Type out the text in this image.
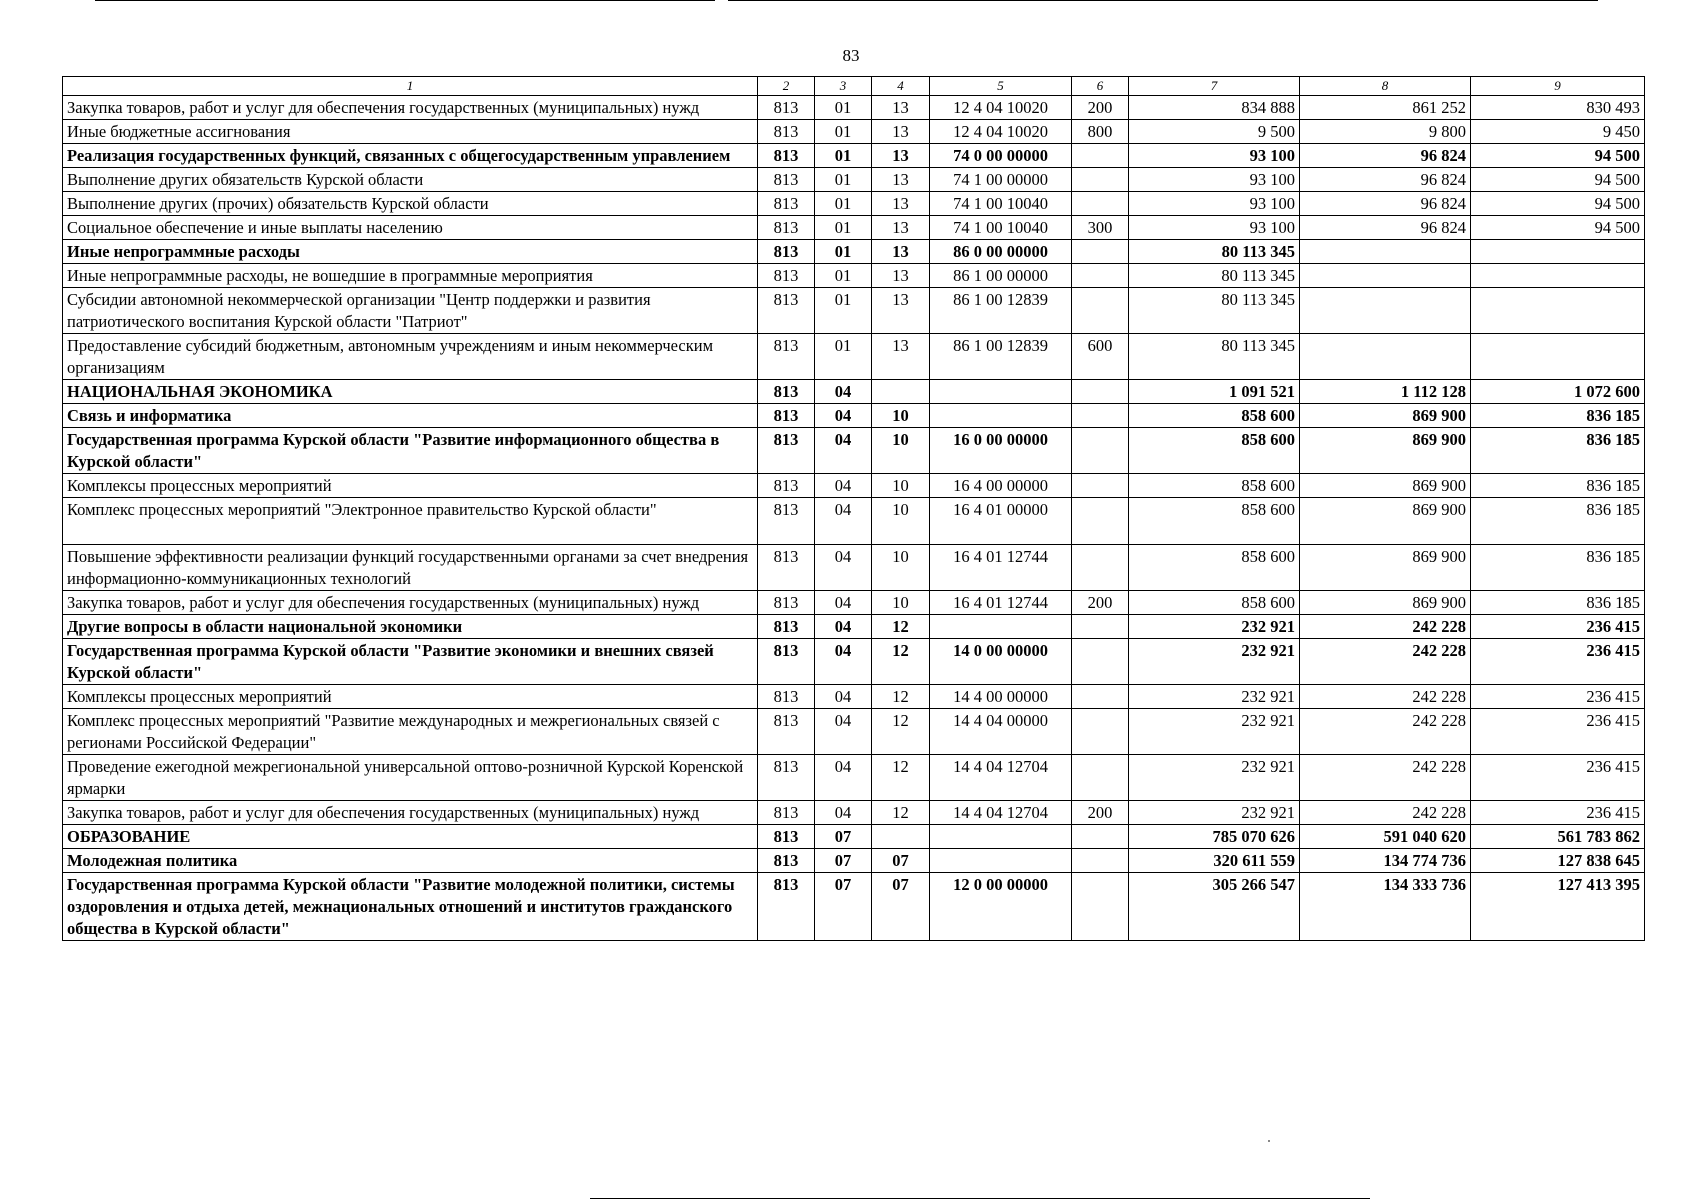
83
1	2	3	4	5	6	7	8	9
Закупка товаров, работ и услуг для обеспечения государственных (муниципальных) нужд	813	01	13	12 4 04 10020	200	834 888	861 252	830 493
Иные бюджетные ассигнования	813	01	13	12 4 04 10020	800	9 500	9 800	9 450
Реализация государственных функций, связанных с общегосударственным управлением	813	01	13	74 0 00 00000		93 100	96 824	94 500
Выполнение других обязательств Курской области	813	01	13	74 1 00 00000		93 100	96 824	94 500
Выполнение других (прочих) обязательств Курской области	813	01	13	74 1 00 10040		93 100	96 824	94 500
Социальное обеспечение и иные выплаты населению	813	01	13	74 1 00 10040	300	93 100	96 824	94 500
Иные непрограммные расходы	813	01	13	86 0 00 00000		80 113 345		
Иные непрограммные расходы, не вошедшие в программные мероприятия	813	01	13	86 1 00 00000		80 113 345		
Субсидии автономной некоммерческой организации "Центр поддержки и развития патриотического воспитания Курской области "Патриот"	813	01	13	86 1 00 12839		80 113 345		
Предоставление субсидий бюджетным, автономным учреждениям и иным некоммерческим организациям	813	01	13	86 1 00 12839	600	80 113 345		
НАЦИОНАЛЬНАЯ ЭКОНОМИКА	813	04				1 091 521	1 112 128	1 072 600
Связь и информатика	813	04	10			858 600	869 900	836 185
Государственная программа Курской области "Развитие информационного общества в Курской области"	813	04	10	16 0 00 00000		858 600	869 900	836 185
Комплексы процессных мероприятий	813	04	10	16 4 00 00000		858 600	869 900	836 185
Комплекс процессных мероприятий "Электронное правительство Курской области"	813	04	10	16 4 01 00000		858 600	869 900	836 185
Повышение эффективности реализации функций государственными органами за счет внедрения информационно-коммуникационных технологий	813	04	10	16 4 01 12744		858 600	869 900	836 185
Закупка товаров, работ и услуг для обеспечения государственных (муниципальных) нужд	813	04	10	16 4 01 12744	200	858 600	869 900	836 185
Другие вопросы в области национальной экономики	813	04	12			232 921	242 228	236 415
Государственная программа Курской области "Развитие экономики и внешних связей Курской области"	813	04	12	14 0 00 00000		232 921	242 228	236 415
Комплексы процессных мероприятий	813	04	12	14 4 00 00000		232 921	242 228	236 415
Комплекс процессных мероприятий "Развитие международных и межрегиональных связей с регионами Российской Федерации"	813	04	12	14 4 04 00000		232 921	242 228	236 415
Проведение ежегодной межрегиональной универсальной оптово-розничной Курской Коренской ярмарки	813	04	12	14 4 04 12704		232 921	242 228	236 415
Закупка товаров, работ и услуг для обеспечения государственных (муниципальных) нужд	813	04	12	14 4 04 12704	200	232 921	242 228	236 415
ОБРАЗОВАНИЕ	813	07				785 070 626	591 040 620	561 783 862
Молодежная политика	813	07	07			320 611 559	134 774 736	127 838 645
Государственная программа Курской области "Развитие молодежной политики, системы оздоровления и отдыха детей, межнациональных отношений и институтов гражданского общества в Курской области"	813	07	07	12 0 00 00000		305 266 547	134 333 736	127 413 395
